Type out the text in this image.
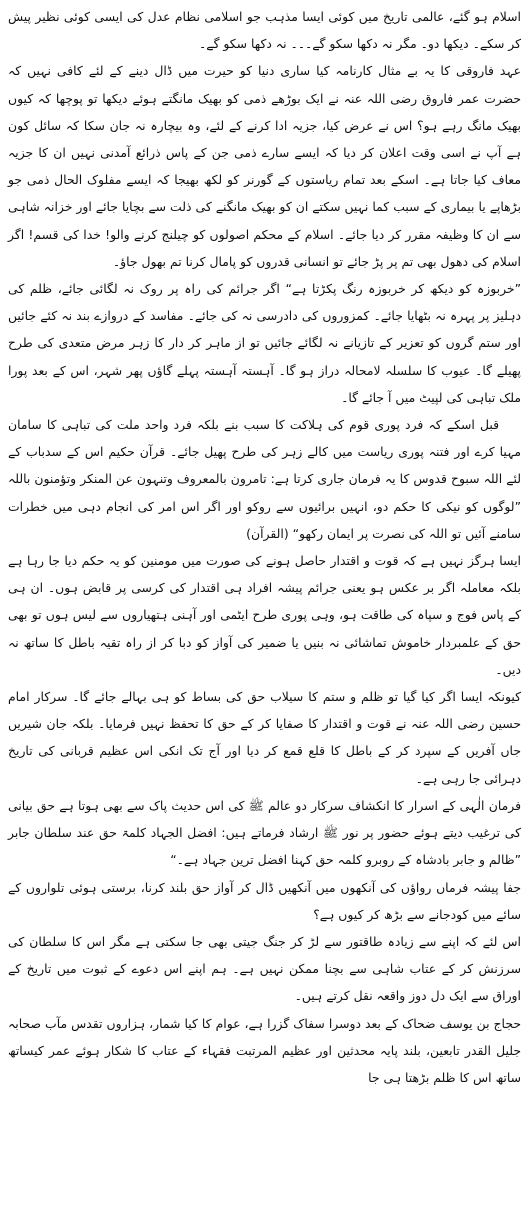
اسلام ہو گئے، عالمی تاریخ میں کوئی ایسا مذہب جو اسلامی نظام عدل کی ایسی کوئی نظیر پیش کر سکے۔ دیکھا دو۔ مگر نہ دکھا سکو گے۔۔۔ نہ دکھا سکو گے۔

عہد فاروقی کا یہ بے مثال کارنامہ کیا ساری دنیا کو حیرت میں ڈال دینے کے لئے کافی نہیں کہ حضرت عمر فاروق رضی اللہ عنہ نے ایک بوڑھے ذمی کو بھیک مانگتے ہوئے دیکھا تو پوچھا کہ کیوں بھیک مانگ رہے ہو؟ اس نے عرض کیا، جزیہ ادا کرنے کے لئے، وہ بیچارہ نہ جان سکا کہ سائل کون ہے آپ نے اسی وقت اعلان کر دیا کہ ایسے سارے ذمی جن کے پاس ذرائع آمدنی نہیں ان کا جزیہ معاف کیا جاتا ہے۔ اسکے بعد تمام ریاستوں کے گورنر کو لکھ بھیجا کہ ایسے مفلوک الحال ذمی جو بڑھاپے یا بیماری کے سبب کما نہیں سکتے ان کو بھیک مانگنے کی ذلت سے بچایا جائے اور خزانہ شاہی سے ان کا وظیفہ مقرر کر دیا جائے۔ اسلام کے محکم اصولوں کو چیلنج کرنے والو! خدا کی قسم! اگر اسلام کی دھول بھی تم پر پڑ جائے تو انسانی قدروں کو پامال کرنا تم بھول جاؤ۔

”خربوزہ کو دیکھ کر خربوزہ رنگ پکڑتا ہے“ اگر جرائم کی راہ پر روک نہ لگائی جائے، ظلم کی دہلیز پر پہرہ نہ بٹھایا جائے۔ کمزوروں کی دادرسی نہ کی جائے۔ مفاسد کے دروازے بند نہ کئے جائیں اور ستم گروں کو تعزیر کے تازیانے نہ لگائے جائیں تو از ماہر کر دار کا زہر مرض متعدی کی طرح پھیلے گا۔ عیوب کا سلسلہ لامحالہ دراز ہو گا۔ آہستہ آہستہ پہلے گاؤں پھر شہر، اس کے بعد پورا ملک تباہی کی لپیٹ میں آ جائے گا۔

قبل اسکے کہ فرد پوری قوم کی ہلاکت کا سبب بنے بلکہ فرد واحد ملت کی تباہی کا سامان مہیا کرے اور فتنہ پوری ریاست میں کالے زہر کی طرح پھیل جائے۔ قرآن حکیم اس کے سدباب کے لئے اللہ سبوح قدوس کا یہ فرمان جاری کرتا ہے: تامرون بالمعروف وتنہون عن المنکر وتؤمنون باللہ ”لوگوں کو نیکی کا حکم دو، انہیں برائیوں سے روکو اور اگر اس امر کی انجام دہی میں خطرات سامنے آئیں تو اللہ کی نصرت پر ایمان رکھو“ (القرآن)

ایسا ہرگز نہیں ہے کہ قوت و اقتدار حاصل ہونے کی صورت میں مومنین کو یہ حکم دیا جا رہا ہے بلکہ معاملہ اگر بر عکس ہو یعنی جرائم پیشہ افراد ہی اقتدار کی کرسی پر قابض ہوں۔ ان ہی کے پاس فوج و سپاہ کی طاقت ہو، وہی پوری طرح ایٹمی اور آہنی ہتھیاروں سے لیس ہوں تو بھی حق کے علمبردار خاموش تماشائی نہ بنیں یا ضمیر کی آواز کو دبا کر از راہ تقیہ باطل کا ساتھ نہ دیں۔

کیونکہ ایسا اگر کیا گیا تو ظلم و ستم کا سیلاب حق کی بساط کو ہی بہالے جائے گا۔ سرکار امام حسین رضی اللہ عنہ نے قوت و اقتدار کا صفایا کر کے حق کا تحفظ نہیں فرمایا۔ بلکہ جان شیریں جاں آفریں کے سپرد کر کے باطل کا قلع قمع کر دیا اور آج تک انکی اس عظیم قربانی کی تاریخ دہرائی جا رہی ہے۔

فرمان الٰہی کے اسرار کا انکشاف سرکار دو عالم ﷺ کی اس حدیث پاک سے بھی ہوتا ہے حق بیانی کی ترغیب دیتے ہوئے حضور پر نور ﷺ ارشاد فرماتے ہیں: افضل الجہاد کلمۃ حق عند سلطان جابر ”ظالم و جابر بادشاہ کے روبرو کلمہ حق کہنا افضل ترین جہاد ہے۔“

جفا پیشہ فرماں رواؤں کی آنکھوں میں آنکھیں ڈال کر آواز حق بلند کرنا، برستی ہوئی تلواروں کے سائے میں کودجانے سے بڑھ کر کیوں ہے؟

اس لئے کہ اپنے سے زیادہ طاقتور سے لڑ کر جنگ جیتی بھی جا سکتی ہے مگر اس کا سلطان کی سرزنش کر کے عتاب شاہی سے بچنا ممکن نہیں ہے۔ ہم اپنے اس دعوے کے ثبوت میں تاریخ کے اوراق سے ایک دل دوز واقعہ نقل کرتے ہیں۔

حجاج بن یوسف ضحاک کے بعد دوسرا سفاک گزرا ہے، عوام کا کیا شمار، ہزاروں تقدس مآب صحابہ جلیل القدر تابعین، بلند پایہ محدثین اور عظیم المرتبت فقہاء کے عتاب کا شکار ہوئے عمر کیساتھ ساتھ اس کا ظلم بڑھتا ہی جا
